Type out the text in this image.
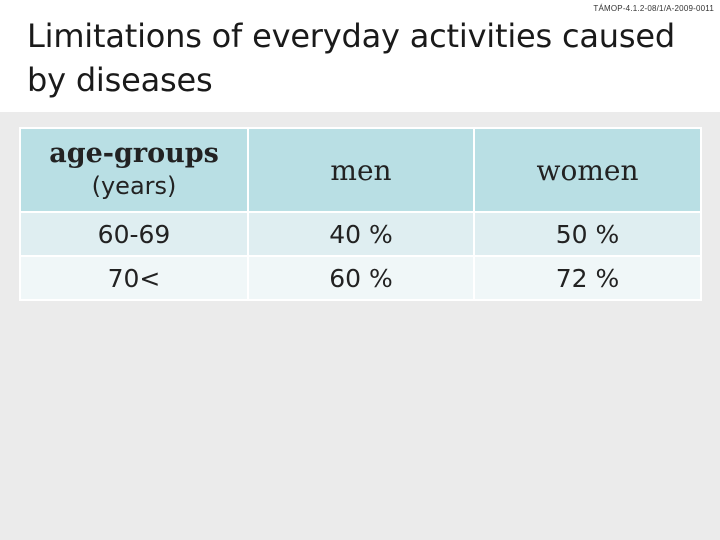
TÁMOP-4.1.2-08/1/A-2009-0011
Limitations of everyday activities caused by diseases
age-groups
(years)	men	women
60-69	40 %	50 %
70<	60 %	72 %
